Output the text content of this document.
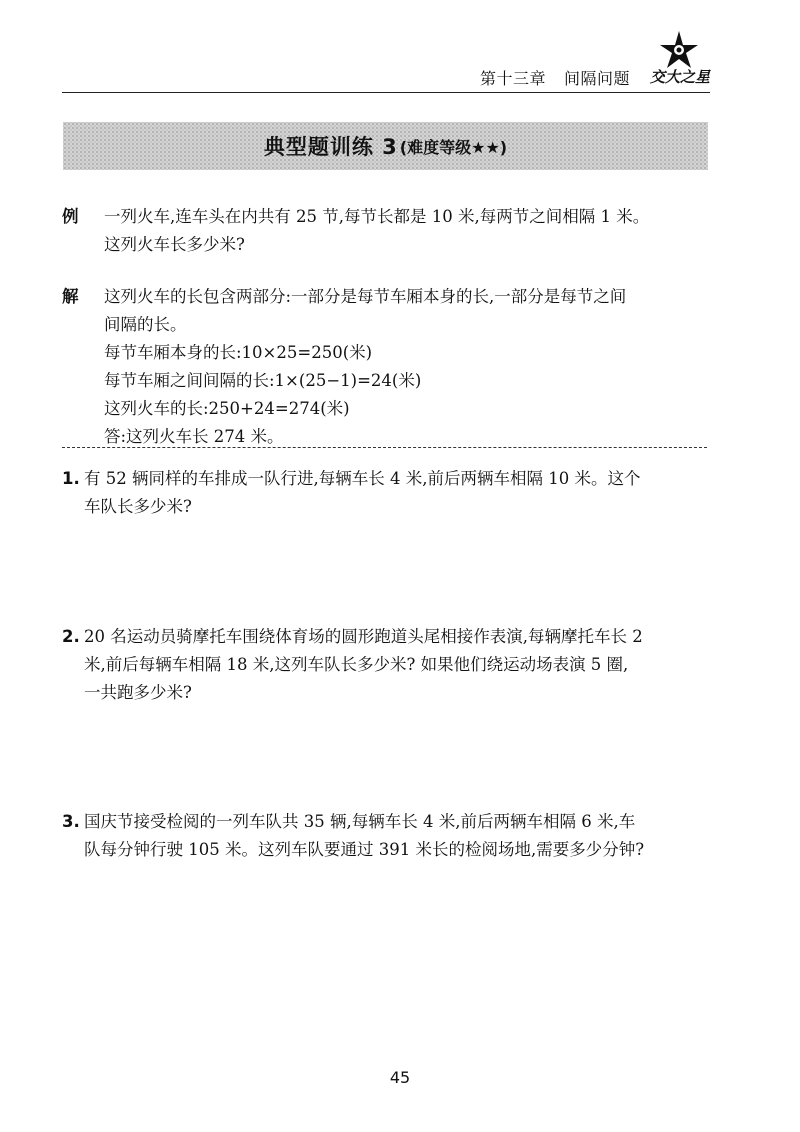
第十三章 间隔问题 交大之星
典型题训练 3 (难度等级★★)
例 一列火车,连车头在内共有 25 节,每节长都是 10 米,每两节之间相隔 1 米。
这列火车长多少米?
解 这列火车的长包含两部分:一部分是每节车厢本身的长,一部分是每节之间
间隔的长。
每节车厢本身的长:10×25=250(米)
每节车厢之间间隔的长:1×(25−1)=24(米)
这列火车的长:250+24=274(米)
答:这列火车长 274 米。
1. 有 52 辆同样的车排成一队行进,每辆车长 4 米,前后两辆车相隔 10 米。这个
车队长多少米?
2. 20 名运动员骑摩托车围绕体育场的圆形跑道头尾相接作表演,每辆摩托车长 2
米,前后每辆车相隔 18 米,这列车队长多少米? 如果他们绕运动场表演 5 圈,
一共跑多少米?
3. 国庆节接受检阅的一列车队共 35 辆,每辆车长 4 米,前后两辆车相隔 6 米,车
队每分钟行驶 105 米。这列车队要通过 391 米长的检阅场地,需要多少分钟?
45
